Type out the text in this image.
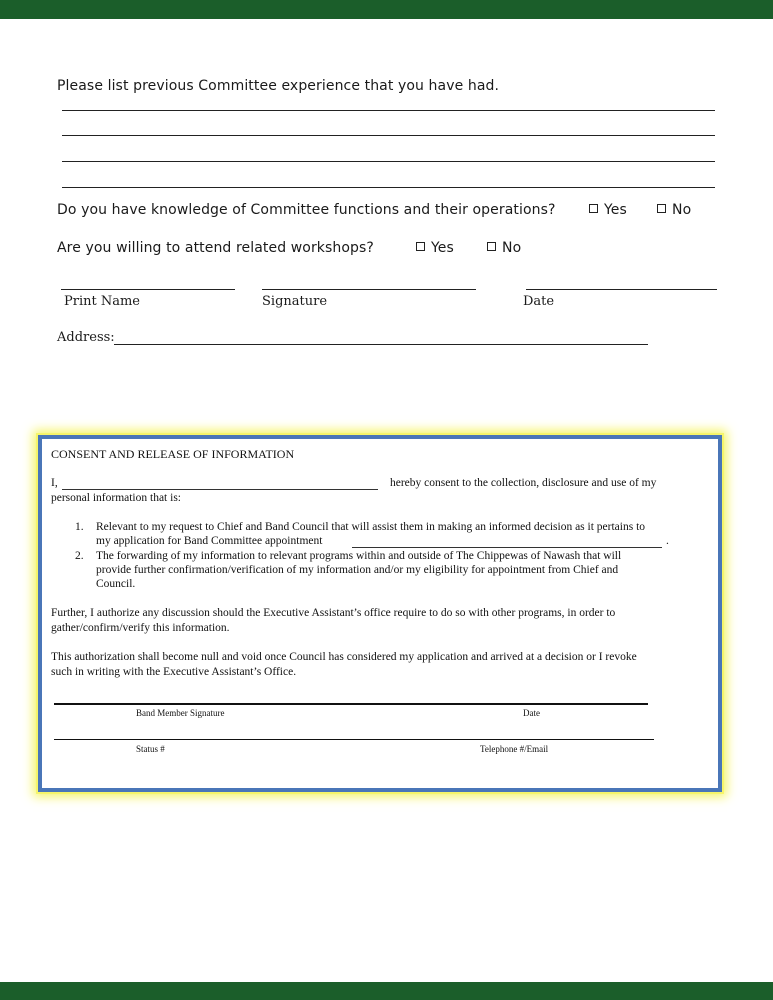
Please list previous Committee experience that you have had.
Do you have knowledge of Committee functions and their operations?	Yes	No
Are you willing to attend related workshops?	Yes	No
Print Name	Signature	Date
Address:
CONSENT AND RELEASE OF INFORMATION
I,	hereby consent to the collection, disclosure and use of my
personal information that is:
1. Relevant to my request to Chief and Band Council that will assist them in making an informed decision as it pertains to
my application for Band Committee appointment	.
2. The forwarding of my information to relevant programs within and outside of The Chippewas of Nawash that will
provide further confirmation/verification of my information and/or my eligibility for appointment from Chief and
Council.
Further, I authorize any discussion should the Executive Assistant’s office require to do so with other programs, in order to
gather/confirm/verify this information.
This authorization shall become null and void once Council has considered my application and arrived at a decision or I revoke
such in writing with the Executive Assistant’s Office.
Band Member Signature	Date
Status #	Telephone #/Email
